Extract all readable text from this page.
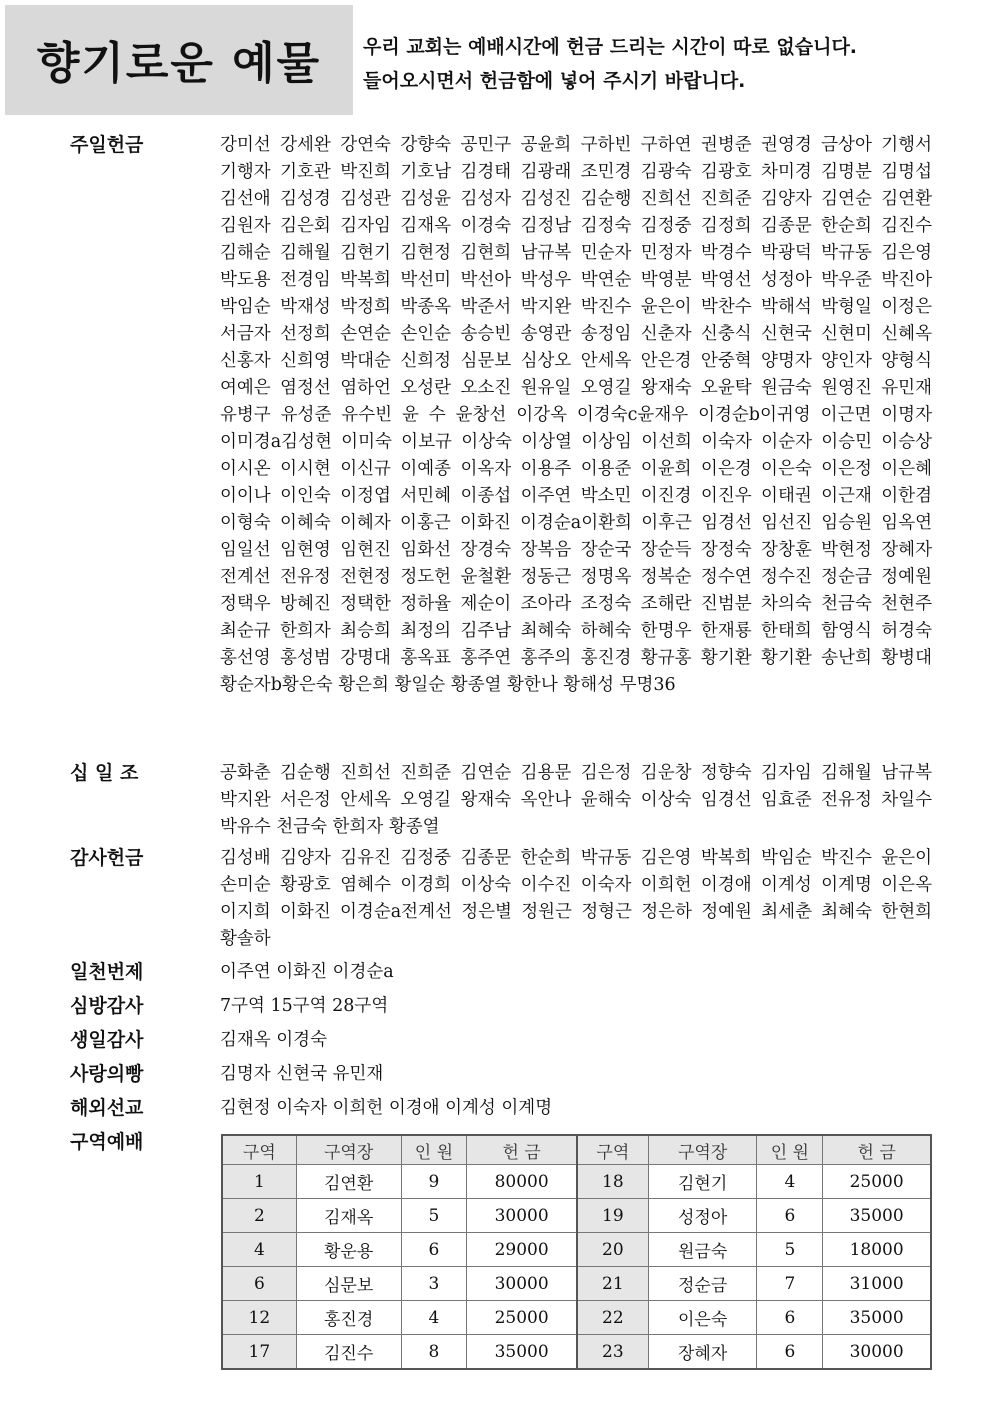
향기로운 예물	우리 교회는 예배시간에 헌금 드리는 시간이 따로 없습니다.
들어오시면서 헌금함에 넣어 주시기 바랍니다.
주일헌금	강미선 강세완 강연숙 강향숙 공민구 공윤희 구하빈 구하연 권병준 권영경 금상아 기행서 기행자 기호관 박진희 기호남 김경태 김광래 조민경 김광숙 김광호 차미경 김명분 김명섭 김선애 김성경 김성관 김성윤 김성자 김성진 김순행 진희선 진희준 김양자 김연순 김연환 김원자 김은회 김자임 김재옥 이경숙 김정남 김정숙 김정중 김정희 김종문 한순희 김진수 김해순 김해월 김현기 김현정 김현희 남규복 민순자 민정자 박경수 박광덕 박규동 김은영 박도용 전경임 박복희 박선미 박선아 박성우 박연순 박영분 박영선 성정아 박우준 박진아 박임순 박재성 박정희 박종옥 박준서 박지완 박진수 윤은이 박찬수 박해석 박형일 이정은 서금자 선정희 손연순 손인순 송승빈 송영관 송정임 신춘자 신충식 신현국 신현미 신혜옥 신홍자 신희영 박대순 신희정 심문보 심상오 안세옥 안은경 안중혁 양명자 양인자 양형식 여예은 염정선 염하언 오성란 오소진 원유일 오영길 왕재숙 오윤탁 원금숙 원영진 유민재 유병구 유성준 유수빈 윤 수 윤창선 이강옥 이경숙c윤재우 이경순b이귀영 이근면 이명자 이미경a김성현 이미숙 이보규 이상숙 이상열 이상임 이선희 이숙자 이순자 이승민 이승상 이시온 이시현 이신규 이예종 이옥자 이용주 이용준 이윤희 이은경 이은숙 이은정 이은혜 이이나 이인숙 이정엽 서민혜 이종섭 이주연 박소민 이진경 이진우 이태권 이근재 이한겸 이형숙 이혜숙 이혜자 이홍근 이화진 이경순a이환희 이후근 임경선 임선진 임승원 임옥연 임일선 임현영 임현진 임화선 장경숙 장복음 장순국 장순득 장정숙 장창훈 박현정 장혜자 전계선 전유정 전현정 정도헌 윤철환 정동근 정명옥 정복순 정수연 정수진 정순금 정예원 정택우 방혜진 정택한 정하율 제순이 조아라 조정숙 조해란 진범분 차의숙 천금숙 천현주 최순규 한희자 최승희 최정의 김주남 최혜숙 하혜숙 한명우 한재룡 한태희 함영식 허경숙 홍선영 홍성범 강명대 홍옥표 홍주연 홍주의 홍진경 황규홍 황기환 황기환 송난희 황병대 황순자b황은숙 황은희 황일순 황종열 황한나 황해성 무명36
십 일 조	공화춘 김순행 진희선 진희준 김연순 김용문 김은정 김운창 정향숙 김자임 김해월 남규복 박지완 서은정 안세옥 오영길 왕재숙 옥안나 윤해숙 이상숙 임경선 임효준 전유정 차일수 박유수 천금숙 한희자 황종열
감사헌금	김성배 김양자 김유진 김정중 김종문 한순희 박규동 김은영 박복희 박임순 박진수 윤은이 손미순 황광호 염혜수 이경희 이상숙 이수진 이숙자 이희헌 이경애 이계성 이계명 이은옥 이지희 이화진 이경순a전계선 정은별 정원근 정형근 정은하 정예원 최세춘 최혜숙 한현희 황솔하
일천번제	이주연 이화진 이경순a
심방감사	7구역 15구역 28구역
생일감사	김재옥 이경숙
사랑의빵	김명자 신현국 유민재
해외선교	김현정 이숙자 이희헌 이경애 이계성 이계명
구역예배	구역	구역장	인 원	헌 금	구역	구역장	인 원	헌 금
1	김연환	9	80000	18	김현기	4	25000
2	김재옥	5	30000	19	성정아	6	35000
4	황운용	6	29000	20	원금숙	5	18000
6	심문보	3	30000	21	정순금	7	31000
12	홍진경	4	25000	22	이은숙	6	35000
17	김진수	8	35000	23	장혜자	6	30000
